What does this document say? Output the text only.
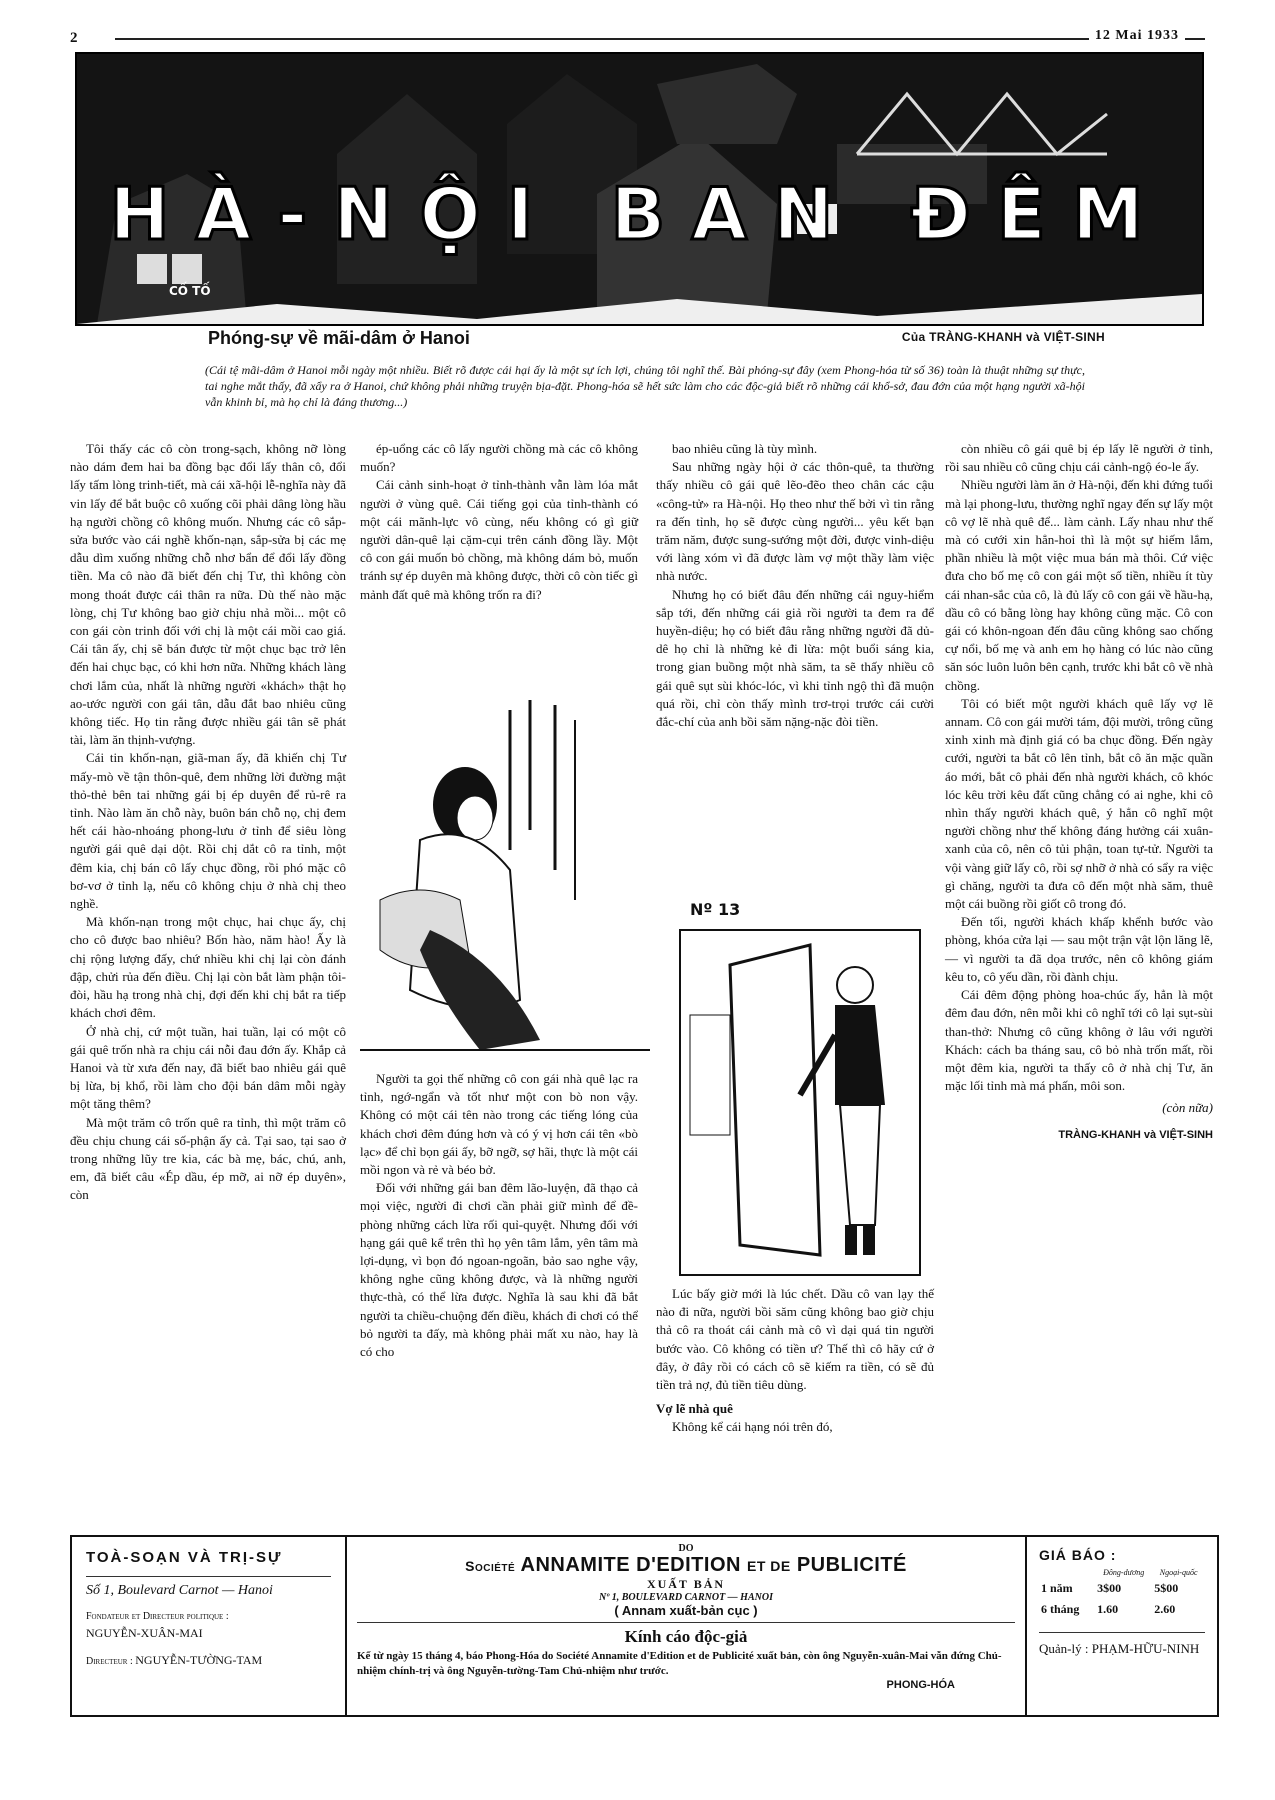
2	12 Mai 1933
HÀ-NỘI BAN ĐÊM
CỐ TỐ
Phóng-sự về mãi-dâm ở Hanoi	Của TRÀNG-KHANH và VIỆT-SINH
(Cái tệ mãi-dâm ở Hanoi mỗi ngày một nhiều. Biết rõ được cái hại ấy là một sự ích lợi, chúng tôi nghĩ thế. Bài phóng-sự đây (xem Phong-hóa từ số 36) toàn là thuật những sự thực, tai nghe mắt thấy, đã xẩy ra ở Hanoi, chứ không phải những truyện bịa-đặt. Phong-hóa sẽ hết sức làm cho các độc-giả biết rõ những cái khổ-sở, đau đớn của một hạng người xã-hội vẫn khinh bỉ, mà họ chỉ là đáng thương...)

Tôi thấy các cô còn trong-sạch, không nỡ lòng nào dám đem hai ba đồng bạc đổi lấy thân cô, đổi lấy tấm lòng trinh-tiết, mà cái xã-hội lễ-nghĩa này đã vin lấy để bắt buộc cô xuống cõi phải dâng lòng hầu hạ người chồng cô không muốn. Nhưng các cô sắp-sửa bước vào cái nghề khốn-nạn, sắp-sửa bị các mẹ dẫu dìm xuống những chỗ nhơ bẩn để đổi lấy đồng tiền. Ma cô nào đã biết đến chị Tư, thì không còn mong thoát được cái thân ra nữa. Dù thế nào mặc lòng, chị Tư không bao giờ chịu nhả mồi... một cô con gái còn trinh đối với chị là một cái mồi cao giá. Cái tân ấy, chị sẽ bán được từ một chục bạc trở lên đến hai chục bạc, có khi hơn nữa. Những khách làng chơi lắm của, nhất là những người «khách» thật họ ao-ước người con gái tân, dẫu đắt bao nhiêu cũng không tiếc. Họ tin rằng được nhiều gái tân sẽ phát tài, làm ăn thịnh-vượng.

Cái tin khốn-nạn, giã-man ấy, đã khiến chị Tư mấy-mò về tận thôn-quê, đem những lời đường mật thỏ-thẻ bên tai những gái bị ép duyên để rủ-rê ra tỉnh. Nào làm ăn chỗ này, buôn bán chỗ nọ, chị đem hết cái hào-nhoáng phong-lưu ở tỉnh để siêu lòng người gái quê dại dột. Rồi chị dắt cô ra tỉnh, một đêm kia, chị bán cô lấy chục đồng, rồi phó mặc cô bơ-vơ ở tỉnh lạ, nếu cô không chịu ở nhà chị theo nghề.

Mà khốn-nạn trong một chục, hai chục ấy, chị cho cô được bao nhiêu? Bốn hào, năm hào! Ấy là chị rộng lượng đấy, chứ nhiều khi chị lại còn đánh đập, chửi rủa đến điều. Chị lại còn bắt làm phận tôi-đòi, hầu hạ trong nhà chị, đợi đến khi chị bắt ra tiếp khách chơi đêm.

Ở nhà chị, cứ một tuần, hai tuần, lại có một cô gái quê trốn nhà ra chịu cái nỗi đau đớn ấy. Khắp cả Hanoi và từ xưa đến nay, đã biết bao nhiêu gái quê bị lừa, bị khổ, rồi làm cho đội bán dâm mỗi ngày một tăng thêm?

Mà một trăm cô trốn quê ra tỉnh, thì một trăm cô đều chịu chung cái số-phận ấy cả. Tại sao, tại sao ở trong những lũy tre kia, các bà mẹ, bác, chú, anh, em, đã biết câu «Ép dầu, ép mỡ, ai nỡ ép duyên», còn

ép-uổng các cô lấy người chồng mà các cô không muốn?

Cái cảnh sinh-hoạt ở tỉnh-thành vẫn làm lóa mắt người ở vùng quê. Cái tiếng gọi của tỉnh-thành có một cái mãnh-lực vô cùng, nếu không có gì giữ người dân-quê lại cặm-cụi trên cánh đồng lầy. Một cô con gái muốn bỏ chồng, mà không dám bỏ, muốn tránh sự ép duyên mà không được, thời cô còn tiếc gì mảnh đất quê mà không trốn ra đi?

Người ta gọi thế những cô con gái nhà quê lạc ra tỉnh, ngớ-ngẩn và tốt như một con bò non vậy. Không có một cái tên nào trong các tiếng lóng của khách chơi đêm đúng hơn và có ý vị hơn cái tên «bò lạc» để chỉ bọn gái ấy, bỡ ngỡ, sợ hãi, thực là một cái mồi ngon và rẻ và béo bở.

Đối với những gái ban đêm lão-luyện, đã thạo cả mọi việc, người đi chơi cần phải giữ mình để đề-phòng những cách lừa rối quỉ-quyệt. Nhưng đối với hạng gái quê kể trên thì họ yên tâm lắm, yên tâm mà lợi-dụng, vì bọn đó ngoan-ngoãn, bảo sao nghe vậy, không nghe cũng không được, và là những người thực-thà, có thể lừa được. Nghĩa là sau khi đã bắt người ta chiều-chuộng đến điều, khách đi chơi có thể bỏ người ta đấy, mà không phải mất xu nào, hay là có cho

bao nhiêu cũng là tùy mình.

Sau những ngày hội ở các thôn-quê, ta thường thấy nhiều cô gái quê lẽo-đẽo theo chân các cậu «công-tử» ra Hà-nội. Họ theo như thế bởi vì tin rằng ra đến tỉnh, họ sẽ được cùng người... yêu kết bạn trăm năm, được sung-sướng một đời, được vinh-diệu với làng xóm vì đã được làm vợ một thầy làm việc nhà nước.

Nhưng họ có biết đâu đến những cái nguy-hiểm sắp tới, đến những cái giả rồi người ta đem ra để huyền-diệu; họ có biết đâu rằng những người đã dủ-dê họ chỉ là những kẻ đi lừa: một buổi sáng kia, trong gian buồng một nhà săm, ta sẽ thấy nhiều cô gái quê sụt sùi khóc-lóc, vì khi tỉnh ngộ thì đã muộn quá rồi, chỉ còn thấy mình trơ-trọi trước cái cười đắc-chí của anh bồi săm nặng-nặc đòi tiền.

Nº 13

Lúc bấy giờ mới là lúc chết. Dầu cô van lạy thế nào đi nữa, người bồi săm cũng không bao giờ chịu thả cô ra thoát cái cảnh mà cô vì dại quá tin người bước vào. Cô không có tiền ư? Thế thì cô hãy cứ ở đây, ở đây rồi có cách cô sẽ kiếm ra tiền, có sẽ đủ tiền trả nợ, đủ tiền tiêu dùng.

Vợ lẽ nhà quê

Không kể cái hạng nói trên đó,

còn nhiều cô gái quê bị ép lấy lẽ người ở tỉnh, rồi sau nhiều cô cũng chịu cái cảnh-ngộ éo-le ấy.

Nhiều người làm ăn ở Hà-nội, đến khi đứng tuổi mà lại phong-lưu, thường nghĩ ngay đến sự lấy một cô vợ lẽ nhà quê để... làm cảnh. Lấy nhau như thế mà có cưới xin hẳn-hoi thì là một sự hiếm lắm, phần nhiều là một việc mua bán mà thôi. Cứ việc đưa cho bố mẹ cô con gái một số tiền, nhiều ít tùy cái nhan-sắc của cô, là đủ lấy cô con gái về hầu-hạ, dầu cô có bằng lòng hay không cũng mặc. Cô con gái có khôn-ngoan đến đâu cũng không sao chống cự nổi, bố mẹ và anh em họ hàng có lúc nào cũng săn sóc luôn luôn bên cạnh, trước khi bắt cô về nhà chồng.

Tôi có biết một người khách quê lấy vợ lẽ annam. Cô con gái mười tám, đội mười, trông cũng xinh xinh mà định giá có ba chục đồng. Đến ngày cưới, người ta bắt cô lên tỉnh, bắt cô ăn mặc quần áo mới, bắt cô phải đến nhà người khách, cô khóc lóc kêu trời kêu đất cũng chẳng có ai nghe, khi cô nhìn thấy người khách quê, ý hẳn cô nghĩ một người chồng như thế không đáng hưởng cái xuân-xanh của cô, nên cô tủi phận, toan tự-tử. Người ta vội vàng giữ lấy cô, rồi sợ nhỡ ở nhà có sẩy ra việc gì chăng, người ta đưa cô đến một nhà săm, thuê một cái buồng rồi giốt cô trong đó.

Đến tối, người khách khấp khểnh bước vào phòng, khóa cửa lại — sau một trận vật lộn lăng lẽ, — vì người ta đã dọa trước, nên cô không giám kêu to, cô yếu dần, rồi đành chịu.

Cái đêm động phòng hoa-chúc ấy, hẳn là một đêm đau đớn, nên mỗi khi cô nghĩ tới cô lại sụt-sùi than-thở: Nhưng cô cũng không ở lâu với người Khách: cách ba tháng sau, cô bỏ nhà trốn mất, rồi một đêm kia, người ta thấy cô ở nhà chị Tư, ăn mặc lối tỉnh mà má phấn, môi son.

(còn nữa)
TRÀNG-KHANH và VIỆT-SINH
TOÀ-SOẠN VÀ TRỊ-SỰ
Số 1, Boulevard Carnot — Hanoi
Fondateur et Directeur politique :
NGUYỄN-XUÂN-MAI
Directeur : NGUYỄN-TƯỜNG-TAM
DO
Société ANNAMITE D'EDITION ET DE PUBLICITÉ
XUẤT BẢN
Nº 1, BOULEVARD CARNOT — HANOI
( Annam xuất-bản cục )
Kính cáo độc-giả
Kể từ ngày 15 tháng 4, báo Phong-Hóa do Société Annamite d'Edition et de Publicité xuất bản, còn ông Nguyễn-xuân-Mai vẫn đứng Chủ-nhiệm chính-trị và ông Nguyễn-tường-Tam Chủ-nhiệm như trước.
PHONG-HÓA
GIÁ BÁO :
	Đông-dương	Ngoại-quốc
1 năm	3$00	5$00
6 tháng	1.60	2.60
Quản-lý : PHẠM-HỮU-NINH
